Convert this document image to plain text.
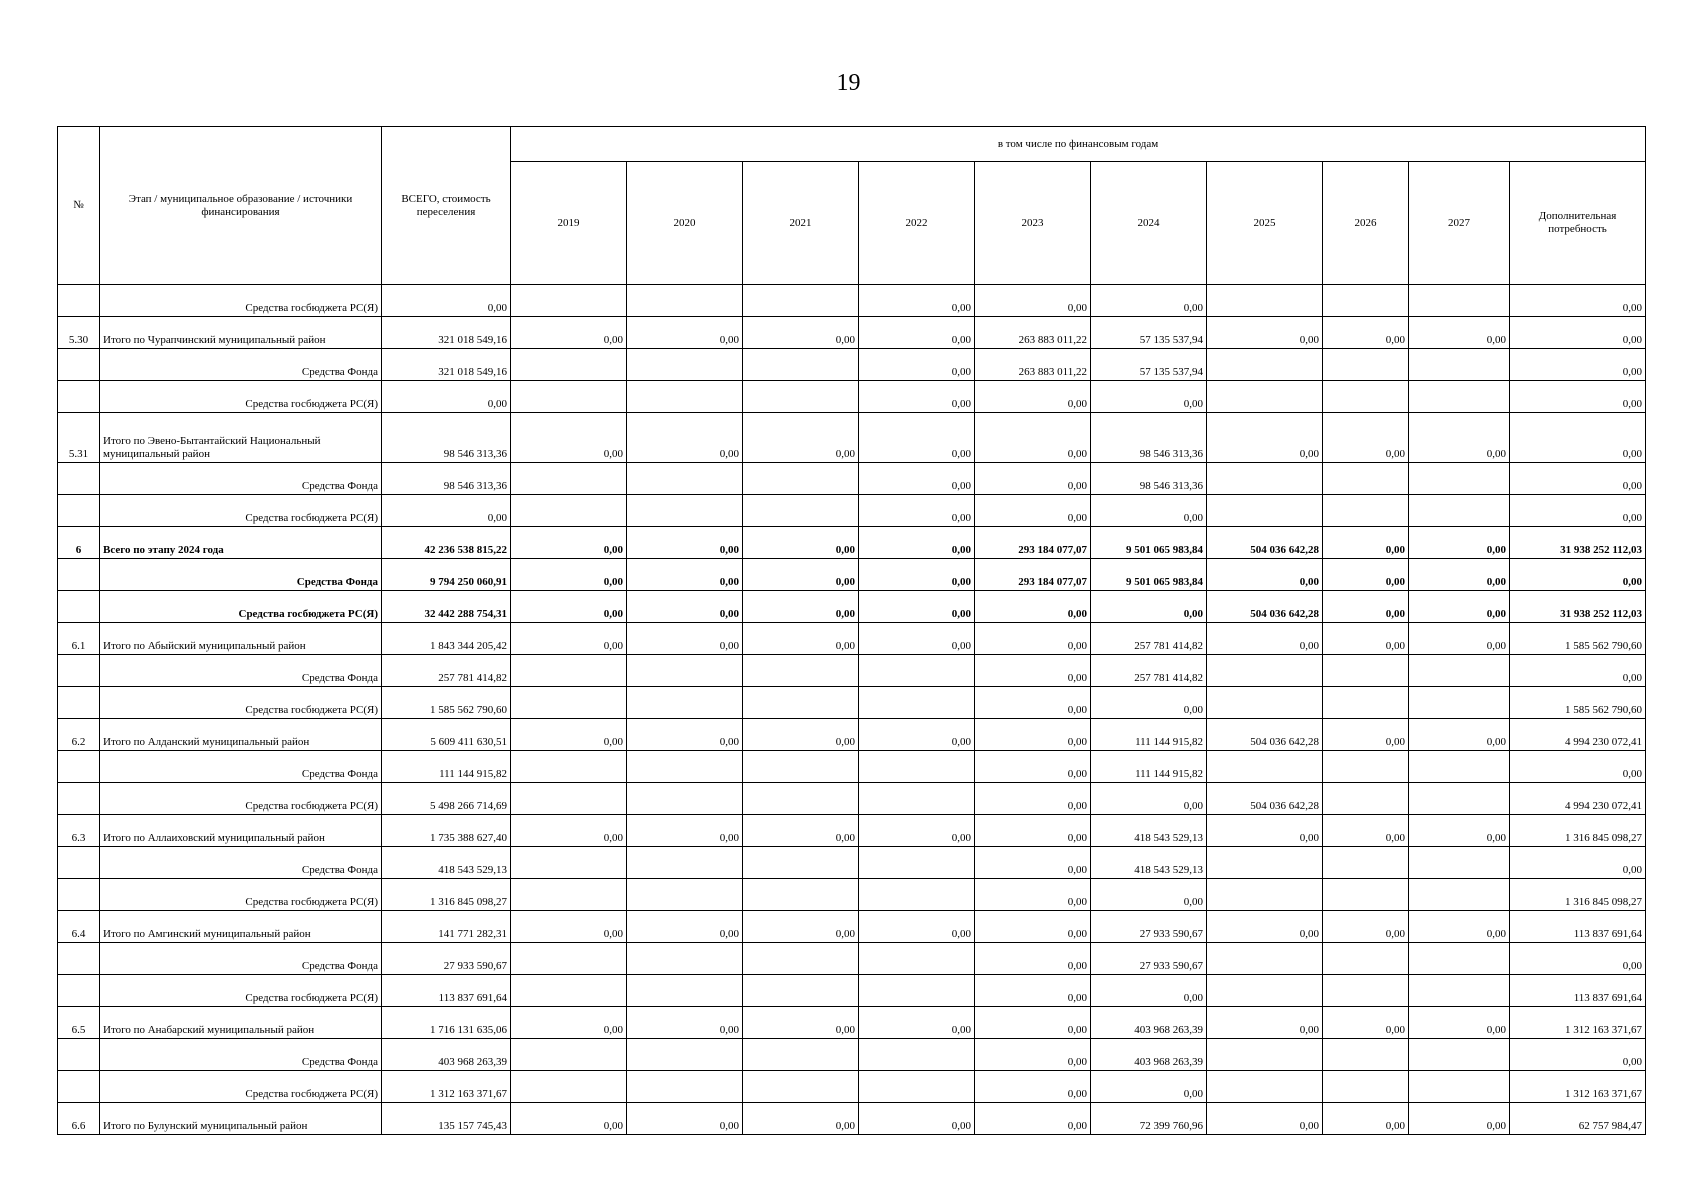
19
№	Этап / муниципальное образование / источники финансирования	ВСЕГО, стоимость переселения	в том числе по финансовым годам									
			2019	2020	2021	2022	2023	2024	2025	2026	2027	Дополнительная потребность
	Средства госбюджета РС(Я)	0,00				0,00	0,00	0,00				0,00
5.30	Итого по Чурапчинский муниципальный район	321 018 549,16	0,00	0,00	0,00	0,00	263 883 011,22	57 135 537,94	0,00	0,00	0,00	0,00
	Средства Фонда	321 018 549,16				0,00	263 883 011,22	57 135 537,94				0,00
	Средства госбюджета РС(Я)	0,00				0,00	0,00	0,00				0,00
5.31	Итого по Эвено-Бытантайский Национальный муниципальный район	98 546 313,36	0,00	0,00	0,00	0,00	0,00	98 546 313,36	0,00	0,00	0,00	0,00
	Средства Фонда	98 546 313,36				0,00	0,00	98 546 313,36				0,00
	Средства госбюджета РС(Я)	0,00				0,00	0,00	0,00				0,00
6	Всего по этапу 2024 года	42 236 538 815,22	0,00	0,00	0,00	0,00	293 184 077,07	9 501 065 983,84	504 036 642,28	0,00	0,00	31 938 252 112,03
	Средства Фонда	9 794 250 060,91	0,00	0,00	0,00	0,00	293 184 077,07	9 501 065 983,84	0,00	0,00	0,00	0,00
	Средства госбюджета РС(Я)	32 442 288 754,31	0,00	0,00	0,00	0,00	0,00	0,00	504 036 642,28	0,00	0,00	31 938 252 112,03
6.1	Итого по Абыйский муниципальный район	1 843 344 205,42	0,00	0,00	0,00	0,00	0,00	257 781 414,82	0,00	0,00	0,00	1 585 562 790,60
	Средства Фонда	257 781 414,82					0,00	257 781 414,82				0,00
	Средства госбюджета РС(Я)	1 585 562 790,60					0,00	0,00				1 585 562 790,60
6.2	Итого по Алданский муниципальный район	5 609 411 630,51	0,00	0,00	0,00	0,00	0,00	111 144 915,82	504 036 642,28	0,00	0,00	4 994 230 072,41
	Средства Фонда	111 144 915,82					0,00	111 144 915,82				0,00
	Средства госбюджета РС(Я)	5 498 266 714,69					0,00	0,00	504 036 642,28			4 994 230 072,41
6.3	Итого по Аллаиховский муниципальный район	1 735 388 627,40	0,00	0,00	0,00	0,00	0,00	418 543 529,13	0,00	0,00	0,00	1 316 845 098,27
	Средства Фонда	418 543 529,13					0,00	418 543 529,13				0,00
	Средства госбюджета РС(Я)	1 316 845 098,27					0,00	0,00				1 316 845 098,27
6.4	Итого по Амгинский муниципальный район	141 771 282,31	0,00	0,00	0,00	0,00	0,00	27 933 590,67	0,00	0,00	0,00	113 837 691,64
	Средства Фонда	27 933 590,67					0,00	27 933 590,67				0,00
	Средства госбюджета РС(Я)	113 837 691,64					0,00	0,00				113 837 691,64
6.5	Итого по Анабарский муниципальный район	1 716 131 635,06	0,00	0,00	0,00	0,00	0,00	403 968 263,39	0,00	0,00	0,00	1 312 163 371,67
	Средства Фонда	403 968 263,39					0,00	403 968 263,39				0,00
	Средства госбюджета РС(Я)	1 312 163 371,67					0,00	0,00				1 312 163 371,67
6.6	Итого по Булунский муниципальный район	135 157 745,43	0,00	0,00	0,00	0,00	0,00	72 399 760,96	0,00	0,00	0,00	62 757 984,47
